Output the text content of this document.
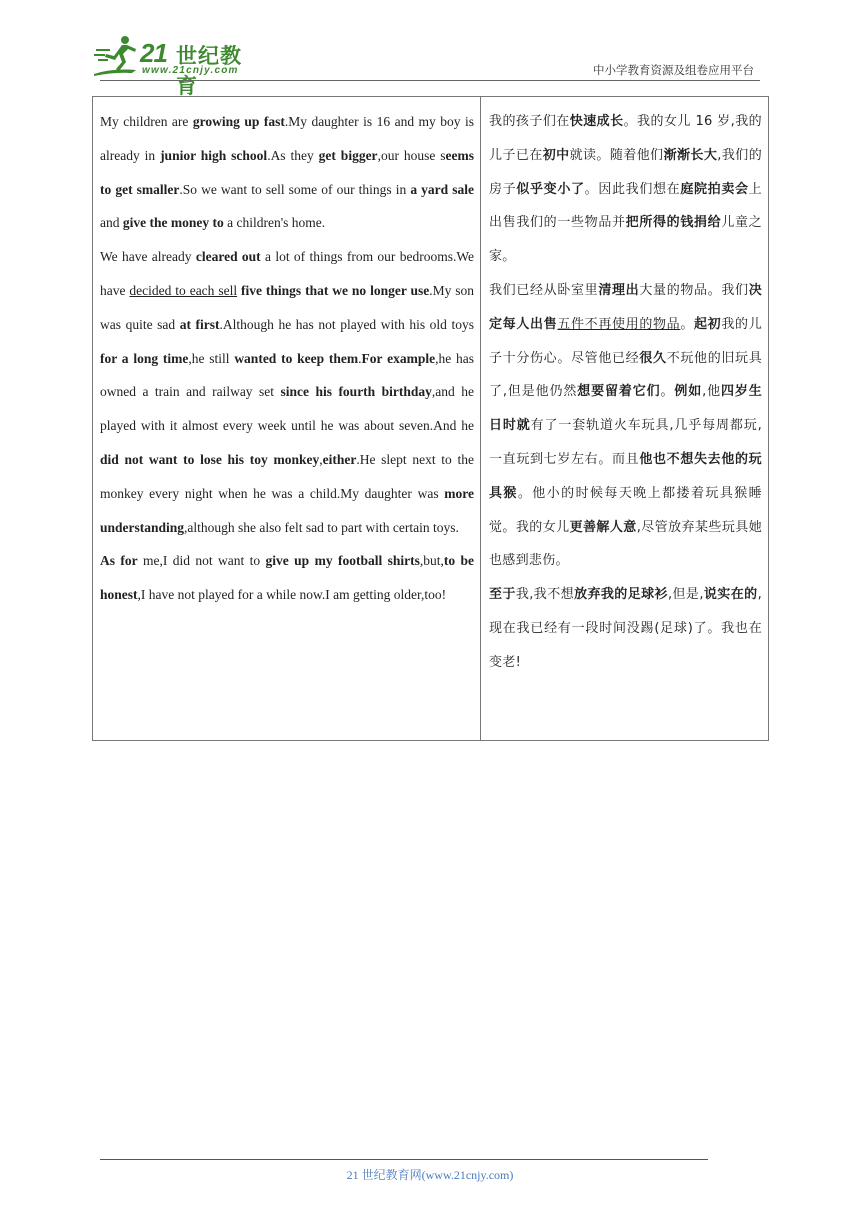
21 世纪教育
www.21cnjy.com	中小学教育资源及组卷应用平台

My children are growing up fast.My daughter is 16 and my boy is already in junior high school.As they get bigger,our house seems to get smaller.So we want to sell some of our things in a yard sale and give the money to a children's home.

We have already cleared out a lot of things from our bedrooms.We have decided to each sell five things that we no longer use.My son was quite sad at first.Although he has not played with his old toys for a long time,he still wanted to keep them.For example,he has owned a train and railway set since his fourth birthday,and he played with it almost every week until he was about seven.And he did not want to lose his toy monkey,either.He slept next to the monkey every night when he was a child.My daughter was more understanding,although she also felt sad to part with certain toys.

As for me,I did not want to give up my football shirts,but,to be honest,I have not played for a while now.I am getting older,too!

我的孩子们在快速成长。我的女儿 16 岁,我的儿子已在初中就读。随着他们渐渐长大,我们的房子似乎变小了。因此我们想在庭院拍卖会上出售我们的一些物品并把所得的钱捐给儿童之家。

我们已经从卧室里清理出大量的物品。我们决定每人出售五件不再使用的物品。起初我的儿子十分伤心。尽管他已经很久不玩他的旧玩具了,但是他仍然想要留着它们。例如,他四岁生日时就有了一套轨道火车玩具,几乎每周都玩,一直玩到七岁左右。而且他也不想失去他的玩具猴。他小的时候每天晚上都搂着玩具猴睡觉。我的女儿更善解人意,尽管放弃某些玩具她也感到悲伤。

至于我,我不想放弃我的足球衫,但是,说实在的,现在我已经有一段时间没踢(足球)了。我也在变老!

21 世纪教育网(www.21cnjy.com)
